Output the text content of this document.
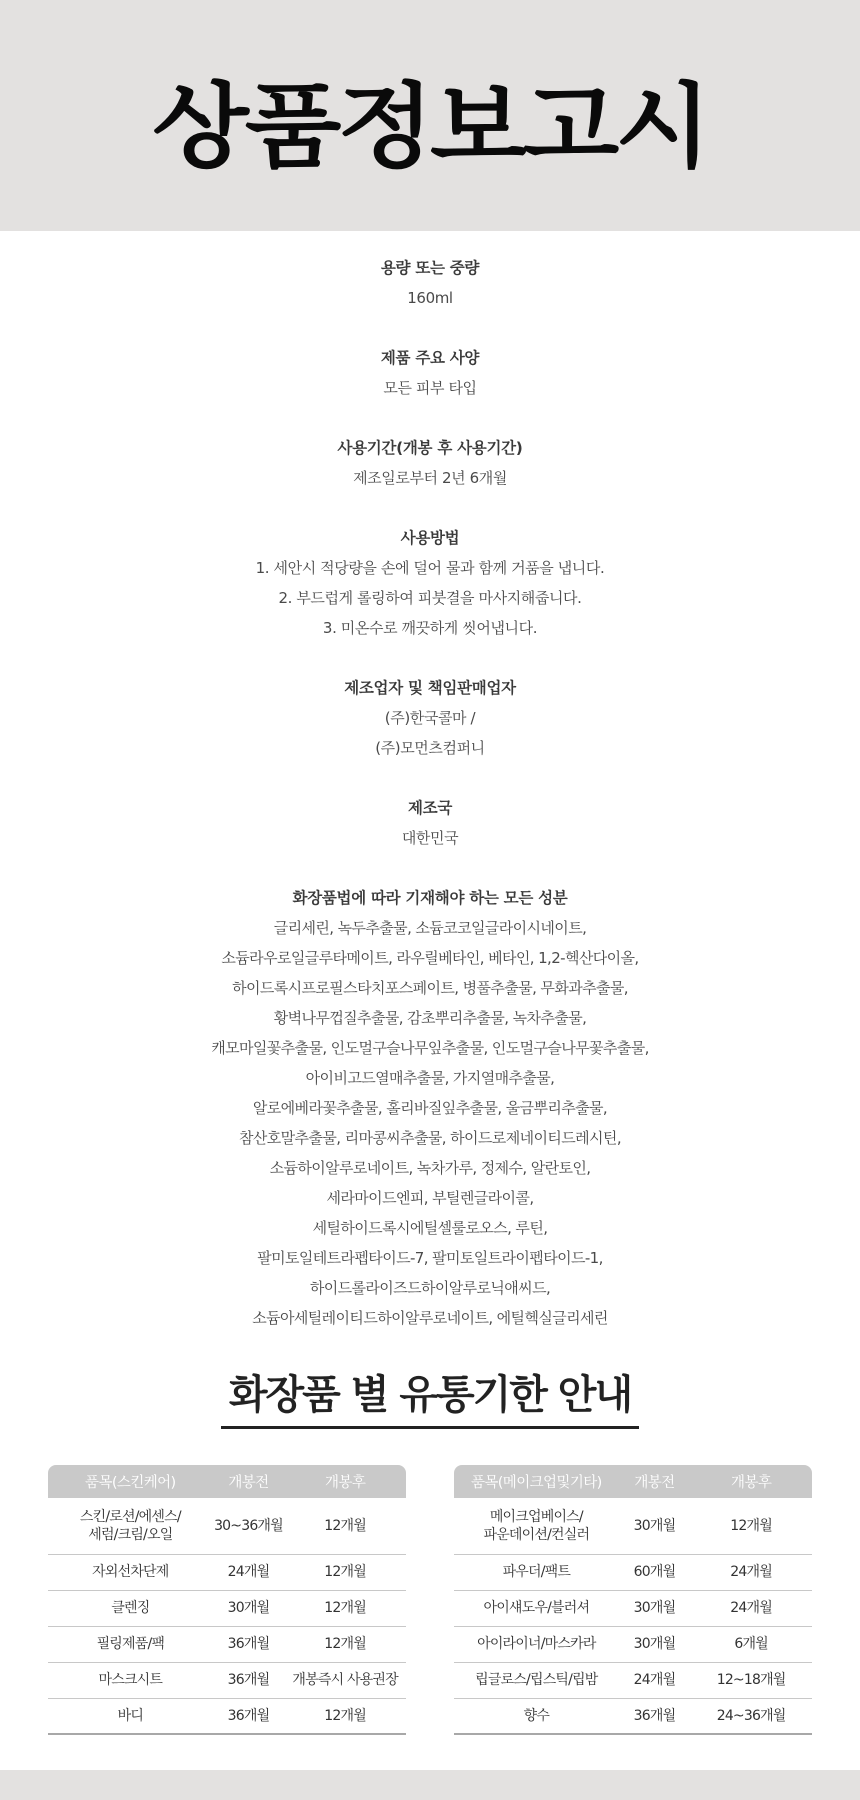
상품정보고시
용량 또는 중량
160ml
제품 주요 사양
모든 피부 타입
사용기간(개봉 후 사용기간)
제조일로부터 2년 6개월
사용방법
1. 세안시 적당량을 손에 덜어 물과 함께 거품을 냅니다.
2. 부드럽게 롤링하여 피붓결을 마사지해줍니다.
3. 미온수로 깨끗하게 씻어냅니다.
제조업자 및 책임판매업자
(주)한국콜마 /
(주)모먼츠컴퍼니
제조국
대한민국
화장품법에 따라 기재해야 하는 모든 성분
글리세린, 녹두추출물, 소듐코코일글라이시네이트,
소듐라우로일글루타메이트, 라우릴베타인, 베타인, 1,2-헥산다이올,
하이드록시프로필스타치포스페이트, 병풀추출물, 무화과추출물,
황벽나무껍질추출물, 감초뿌리추출물, 녹차추출물,
캐모마일꽃추출물, 인도멀구슬나무잎추출물, 인도멀구슬나무꽃추출물,
아이비고드열매추출물, 가지열매추출물,
알로에베라꽃추출물, 홀리바질잎추출물, 울금뿌리추출물,
참산호말추출물, 리마콩씨추출물, 하이드로제네이티드레시틴,
소듐하이알루로네이트, 녹차가루, 정제수, 알란토인,
세라마이드엔피, 부틸렌글라이콜,
세틸하이드록시에틸셀룰로오스, 루틴,
팔미토일테트라펩타이드-7, 팔미토일트라이펩타이드-1,
하이드롤라이즈드하이알루로닉애씨드,
소듐아세틸레이티드하이알루로네이트, 에틸헥실글리세린
화장품 별 유통기한 안내
품목(스킨케어)	개봉전	개봉후
스킨/로션/에센스/
세럼/크림/오일	30~36개월	12개월
자외선차단제	24개월	12개월
클렌징	30개월	12개월
필링제품/팩	36개월	12개월
마스크시트	36개월	개봉즉시 사용권장
바디	36개월	12개월
품목(메이크업및기타)	개봉전	개봉후
메이크업베이스/
파운데이션/컨실러	30개월	12개월
파우더/팩트	60개월	24개월
아이섀도우/블러셔	30개월	24개월
아이라이너/마스카라	30개월	6개월
립글로스/립스틱/립밤	24개월	12~18개월
향수	36개월	24~36개월
